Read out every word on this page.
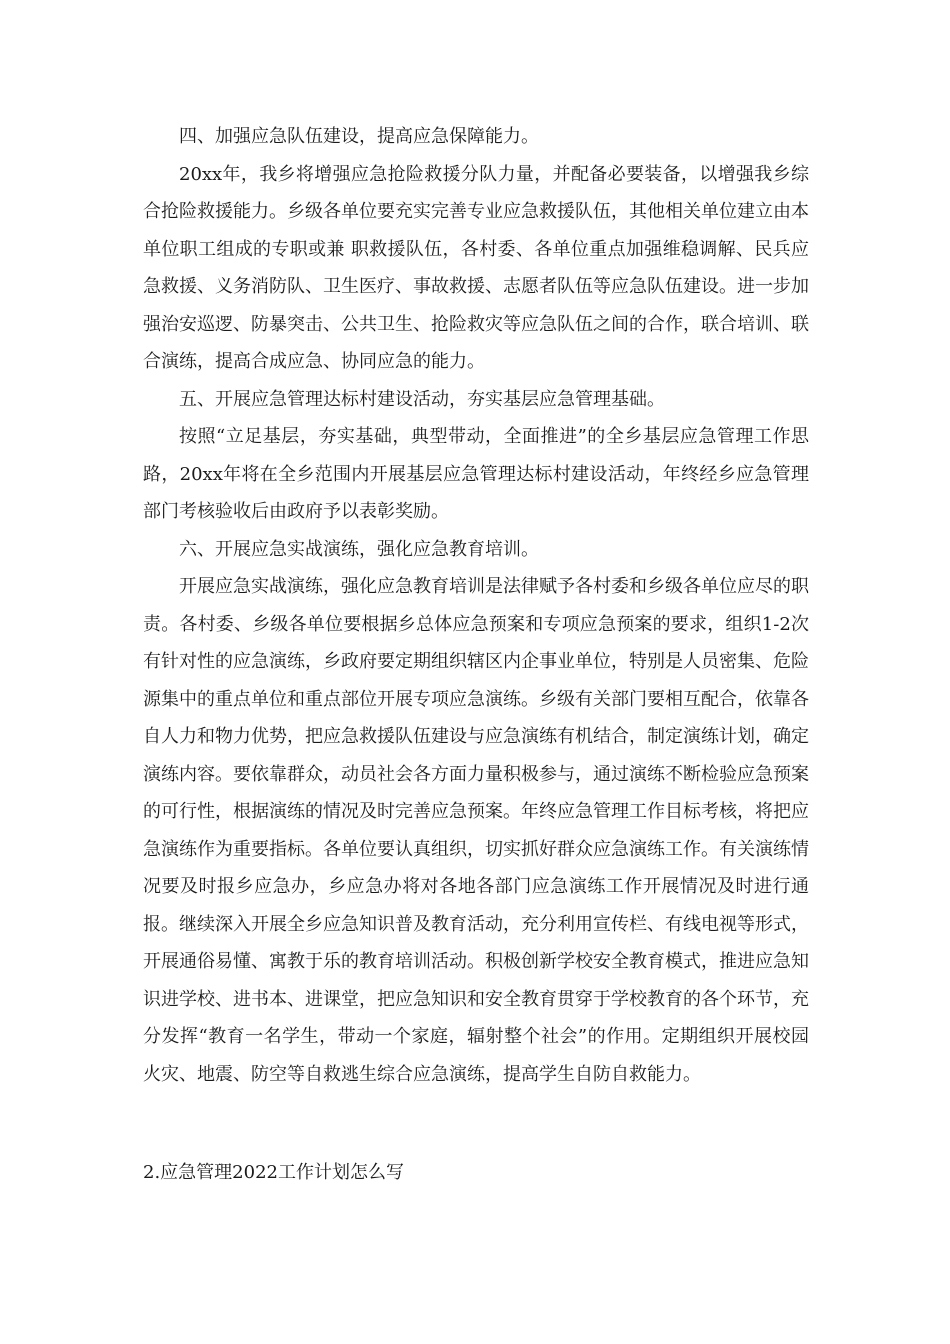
四、加强应急队伍建设，提高应急保障能力。

20xx年，我乡将增强应急抢险救援分队力量，并配备必要装备，以增强我乡综合抢险救援能力。乡级各单位要充实完善专业应急救援队伍，其他相关单位建立由本单位职工组成的专职或兼 职救援队伍，各村委、各单位重点加强维稳调解、民兵应急救援、义务消防队、卫生医疗、事故救援、志愿者队伍等应急队伍建设。进一步加强治安巡逻、防暴突击、公共卫生、抢险救灾等应急队伍之间的合作，联合培训、联合演练，提高合成应急、协同应急的能力。

五、开展应急管理达标村建设活动，夯实基层应急管理基础。

按照“立足基层，夯实基础，典型带动，全面推进”的全乡基层应急管理工作思路，20xx年将在全乡范围内开展基层应急管理达标村建设活动，年终经乡应急管理部门考核验收后由政府予以表彰奖励。

六、开展应急实战演练，强化应急教育培训。

开展应急实战演练，强化应急教育培训是法律赋予各村委和乡级各单位应尽的职责。各村委、乡级各单位要根据乡总体应急预案和专项应急预案的要求，组织1-2次有针对性的应急演练，乡政府要定期组织辖区内企事业单位，特别是人员密集、危险源集中的重点单位和重点部位开展专项应急演练。乡级有关部门要相互配合，依靠各自人力和物力优势，把应急救援队伍建设与应急演练有机结合，制定演练计划，确定演练内容。要依靠群众，动员社会各方面力量积极参与，通过演练不断检验应急预案的可行性，根据演练的情况及时完善应急预案。年终应急管理工作目标考核，将把应急演练作为重要指标。各单位要认真组织，切实抓好群众应急演练工作。有关演练情况要及时报乡应急办，乡应急办将对各地各部门应急演练工作开展情况及时进行通报。继续深入开展全乡应急知识普及教育活动，充分利用宣传栏、有线电视等形式，开展通俗易懂、寓教于乐的教育培训活动。积极创新学校安全教育模式，推进应急知识进学校、进书本、进课堂，把应急知识和安全教育贯穿于学校教育的各个环节，充分发挥“教育一名学生，带动一个家庭，辐射整个社会”的作用。定期组织开展校园火灾、地震、防空等自救逃生综合应急演练，提高学生自防自救能力。

2.应急管理2022工作计划怎么写
